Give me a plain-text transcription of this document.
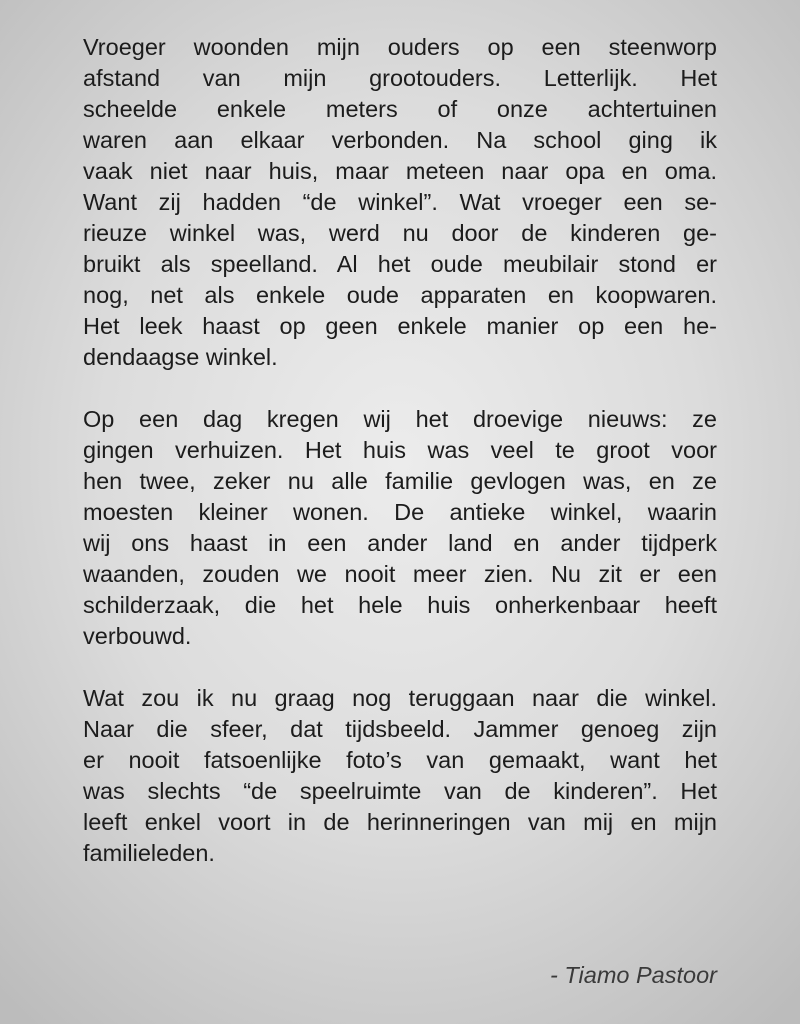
Vroeger woonden mijn ouders op een steenworp
afstand van mijn grootouders. Letterlijk. Het
scheelde enkele meters of onze achtertuinen
waren aan elkaar verbonden. Na school ging ik
vaak niet naar huis, maar meteen naar opa en oma.
Want zij hadden “de winkel”. Wat vroeger een se-
rieuze winkel was, werd nu door de kinderen ge-
bruikt als speelland. Al het oude meubilair stond er
nog, net als enkele oude apparaten en koopwaren.
Het leek haast op geen enkele manier op een he-
dendaagse winkel.
Op een dag kregen wij het droevige nieuws: ze
gingen verhuizen. Het huis was veel te groot voor
hen twee, zeker nu alle familie gevlogen was, en ze
moesten kleiner wonen. De antieke winkel, waarin
wij ons haast in een ander land en ander tijdperk
waanden, zouden we nooit meer zien. Nu zit er een
schilderzaak, die het hele huis onherkenbaar heeft
verbouwd.
Wat zou ik nu graag nog teruggaan naar die winkel.
Naar die sfeer, dat tijdsbeeld. Jammer genoeg zijn
er nooit fatsoenlijke foto’s van gemaakt, want het
was slechts “de speelruimte van de kinderen”. Het
leeft enkel voort in de herinneringen van mij en mijn
familieleden.
- Tiamo Pastoor
